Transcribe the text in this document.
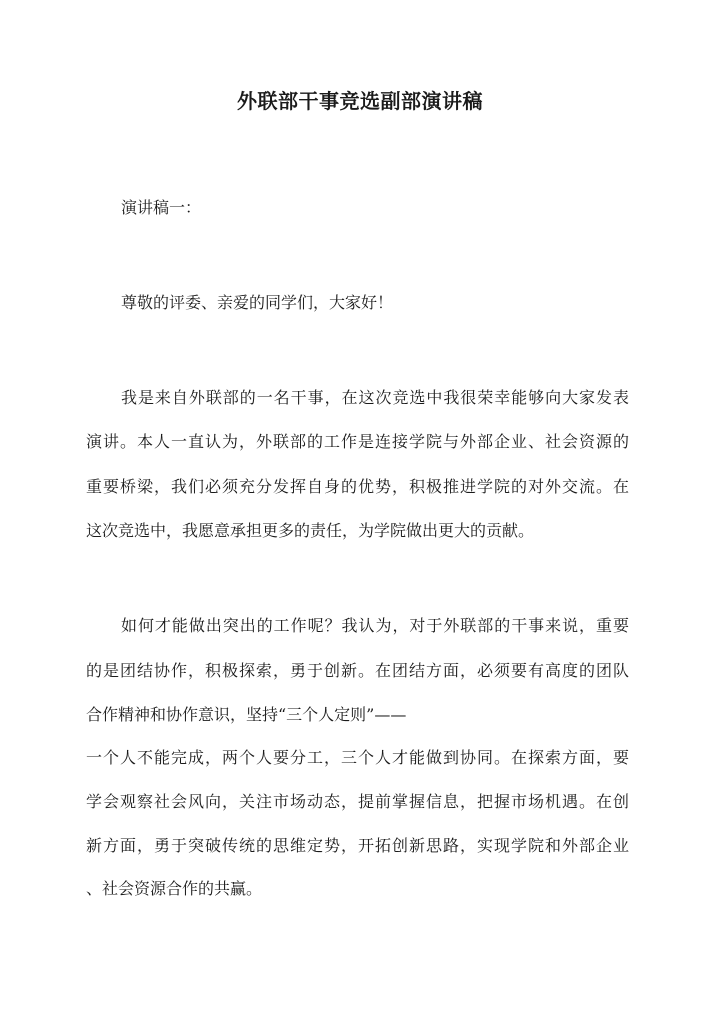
外联部干事竞选副部演讲稿

演讲稿一：

尊敬的评委、亲爱的同学们，大家好！

我是来自外联部的一名干事，在这次竞选中我很荣幸能够向大家发表

演讲。本人一直认为，外联部的工作是连接学院与外部企业、社会资源的

重要桥梁，我们必须充分发挥自身的优势，积极推进学院的对外交流。在

这次竞选中，我愿意承担更多的责任，为学院做出更大的贡献。

如何才能做出突出的工作呢？我认为，对于外联部的干事来说，重要

的是团结协作，积极探索，勇于创新。在团结方面，必须要有高度的团队

合作精神和协作意识，坚持“三个人定则”——

一个人不能完成，两个人要分工，三个人才能做到协同。在探索方面，要

学会观察社会风向，关注市场动态，提前掌握信息，把握市场机遇。在创

新方面，勇于突破传统的思维定势，开拓创新思路，实现学院和外部企业

、社会资源合作的共赢。
